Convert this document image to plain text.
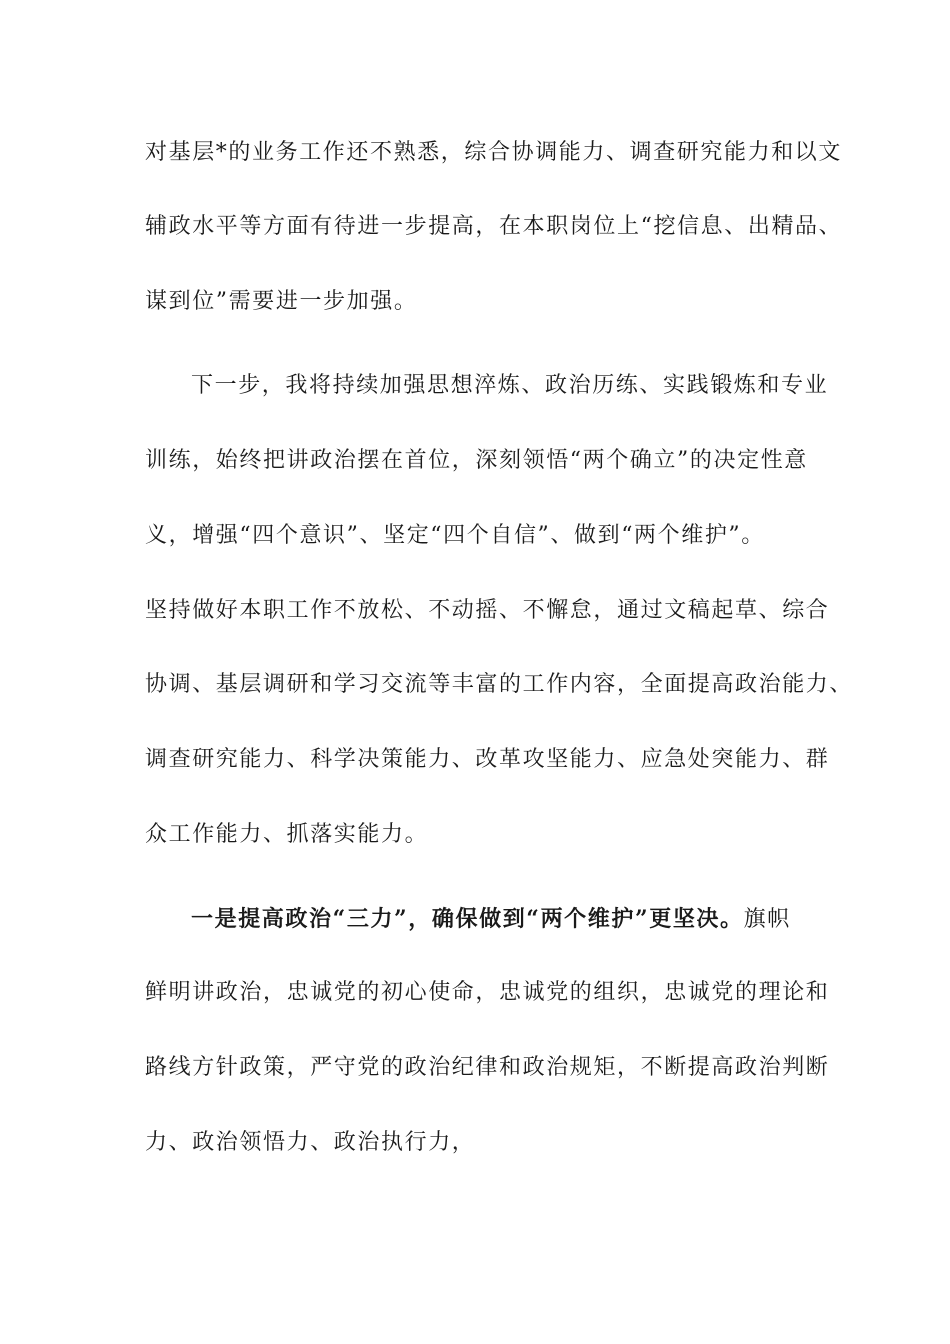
对基层*的业务工作还不熟悉，综合协调能力、调查研究能力和以文
辅政水平等方面有待进一步提高，在本职岗位上“挖信息、出精品、
谋到位”需要进一步加强。
下一步，我将持续加强思想淬炼、政治历练、实践锻炼和专业
训练，始终把讲政治摆在首位，深刻领悟“两个确立”的决定性意
义，增强“四个意识”、坚定“四个自信”、做到“两个维护”。
坚持做好本职工作不放松、不动摇、不懈怠，通过文稿起草、综合
协调、基层调研和学习交流等丰富的工作内容，全面提高政治能力、
调查研究能力、科学决策能力、改革攻坚能力、应急处突能力、群
众工作能力、抓落实能力。
一是提高政治“三力”，确保做到“两个维护”更坚决。旗帜
鲜明讲政治，忠诚党的初心使命，忠诚党的组织，忠诚党的理论和
路线方针政策，严守党的政治纪律和政治规矩，不断提高政治判断
力、政治领悟力、政治执行力，
